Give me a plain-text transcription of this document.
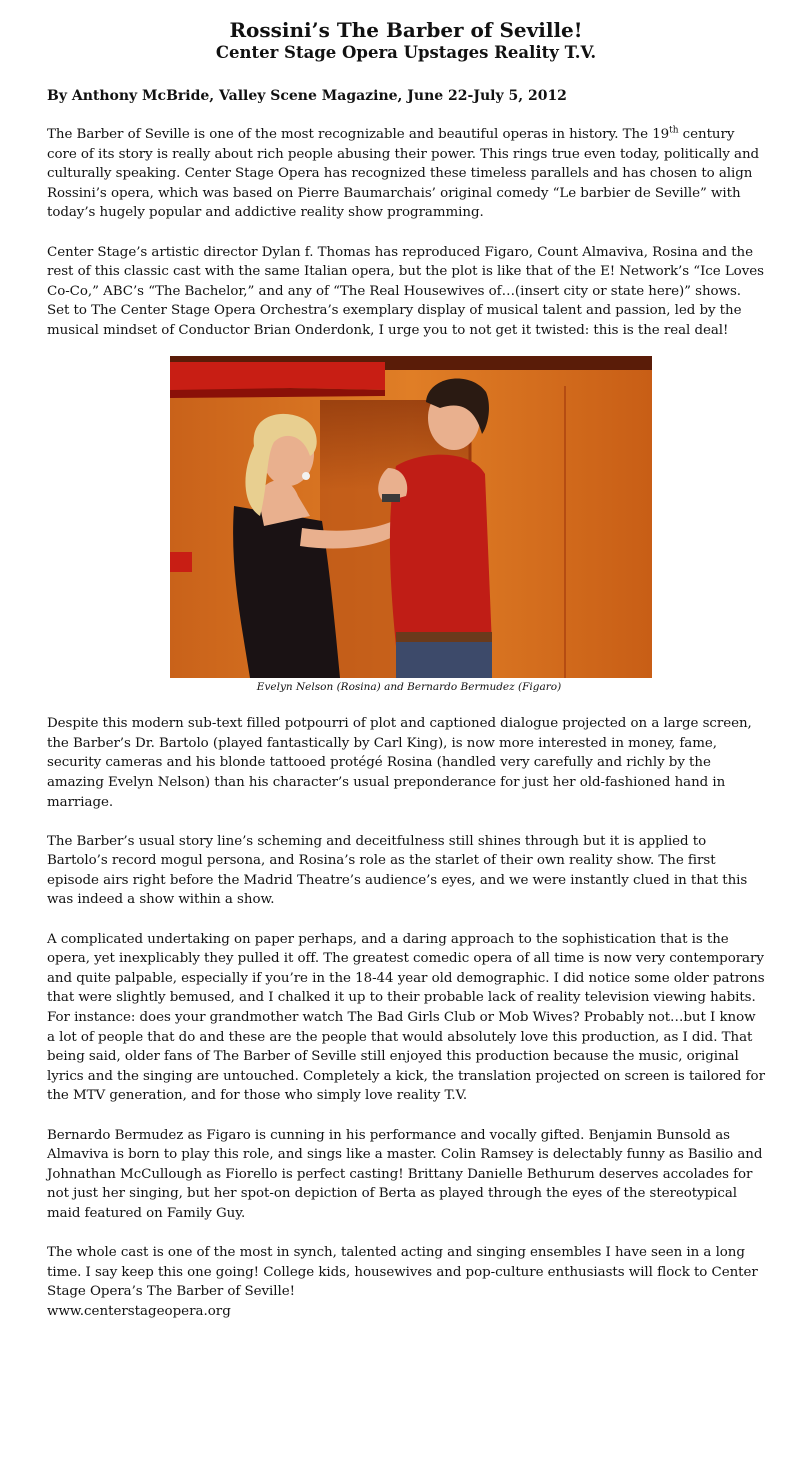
Rossini’s The Barber of Seville!
Center Stage Opera Upstages Reality T.V.
By Anthony McBride, Valley Scene Magazine, June 22-July 5, 2012

The Barber of Seville is one of the most recognizable and beautiful operas in history. The 19th century core of its story is really about rich people abusing their power. This rings true even today, politically and culturally speaking. Center Stage Opera has recognized these timeless parallels and has chosen to align Rossini’s opera, which was based on Pierre Baumarchais’ original comedy “Le barbier de Seville” with today’s hugely popular and addictive reality show programming.

Center Stage’s artistic director Dylan f. Thomas has reproduced Figaro, Count Almaviva, Rosina and the rest of this classic cast with the same Italian opera, but the plot is like that of the E! Network’s “Ice Loves Co-Co,” ABC’s “The Bachelor,” and any of “The Real Housewives of…(insert city or state here)” shows. Set to The Center Stage Opera Orchestra’s exemplary display of musical talent and passion, led by the musical mindset of Conductor Brian Onderdonk, I urge you to not get it twisted: this is the real deal!

Evelyn Nelson (Rosina) and Bernardo Bermudez (Figaro)

Despite this modern sub-text filled potpourri of plot and captioned dialogue projected on a large screen, the Barber’s Dr. Bartolo (played fantastically by Carl King), is now more interested in money, fame, security cameras and his blonde tattooed protégé Rosina (handled very carefully and richly by the amazing Evelyn Nelson) than his character’s usual preponderance for just her old-fashioned hand in marriage.

The Barber’s usual story line’s scheming and deceitfulness still shines through but it is applied to Bartolo’s record mogul persona, and Rosina’s role as the starlet of their own reality show. The first episode airs right before the Madrid Theatre’s audience’s eyes, and we were instantly clued in that this was indeed a show within a show.

A complicated undertaking on paper perhaps, and a daring approach to the sophistication that is the opera, yet inexplicably they pulled it off. The greatest comedic opera of all time is now very contemporary and quite palpable, especially if you’re in the 18-44 year old demographic. I did notice some older patrons that were slightly bemused, and I chalked it up to their probable lack of reality television viewing habits. For instance: does your grandmother watch The Bad Girls Club or Mob Wives? Probably not…but I know a lot of people that do and these are the people that would absolutely love this production, as I did. That being said, older fans of The Barber of Seville still enjoyed this production because the music, original lyrics and the singing are untouched. Completely a kick, the translation projected on screen is tailored for the MTV generation, and for those who simply love reality T.V.

Bernardo Bermudez as Figaro is cunning in his performance and vocally gifted. Benjamin Bunsold as Almaviva is born to play this role, and sings like a master. Colin Ramsey is delectably funny as Basilio and Johnathan McCullough as Fiorello is perfect casting! Brittany Danielle Bethurum deserves accolades for not just her singing, but her spot-on depiction of Berta as played through the eyes of the stereotypical maid featured on Family Guy.

The whole cast is one of the most in synch, talented acting and singing ensembles I have seen in a long time. I say keep this one going! College kids, housewives and pop-culture enthusiasts will flock to Center Stage Opera’s The Barber of Seville!

www.centerstageopera.org
